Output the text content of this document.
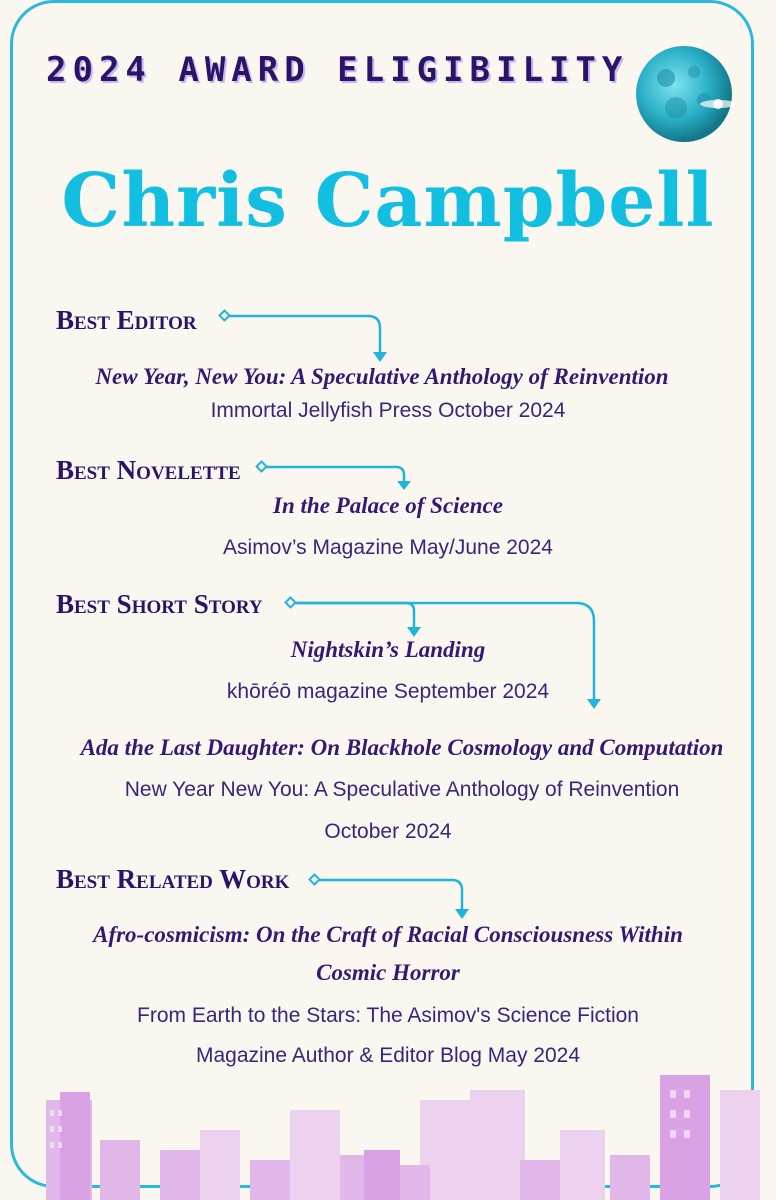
2024 AWARD ELIGIBILITY
Chris Campbell
Best Editor
New Year, New You: A Speculative Anthology of Reinvention
Immortal Jellyfish Press October 2024
Best Novelette
In the Palace of Science
Asimov’s Magazine May/June 2024
Best Short Story
Nightskin’s Landing
khōréō magazine September 2024
Ada the Last Daughter: On Blackhole Cosmology and Computation
New Year New You: A Speculative Anthology of Reinvention
October 2024
Best Related Work
Afro-cosmicism: On the Craft of Racial Consciousness Within
Cosmic Horror
From Earth to the Stars: The Asimov's Science Fiction
Magazine Author & Editor Blog May 2024
